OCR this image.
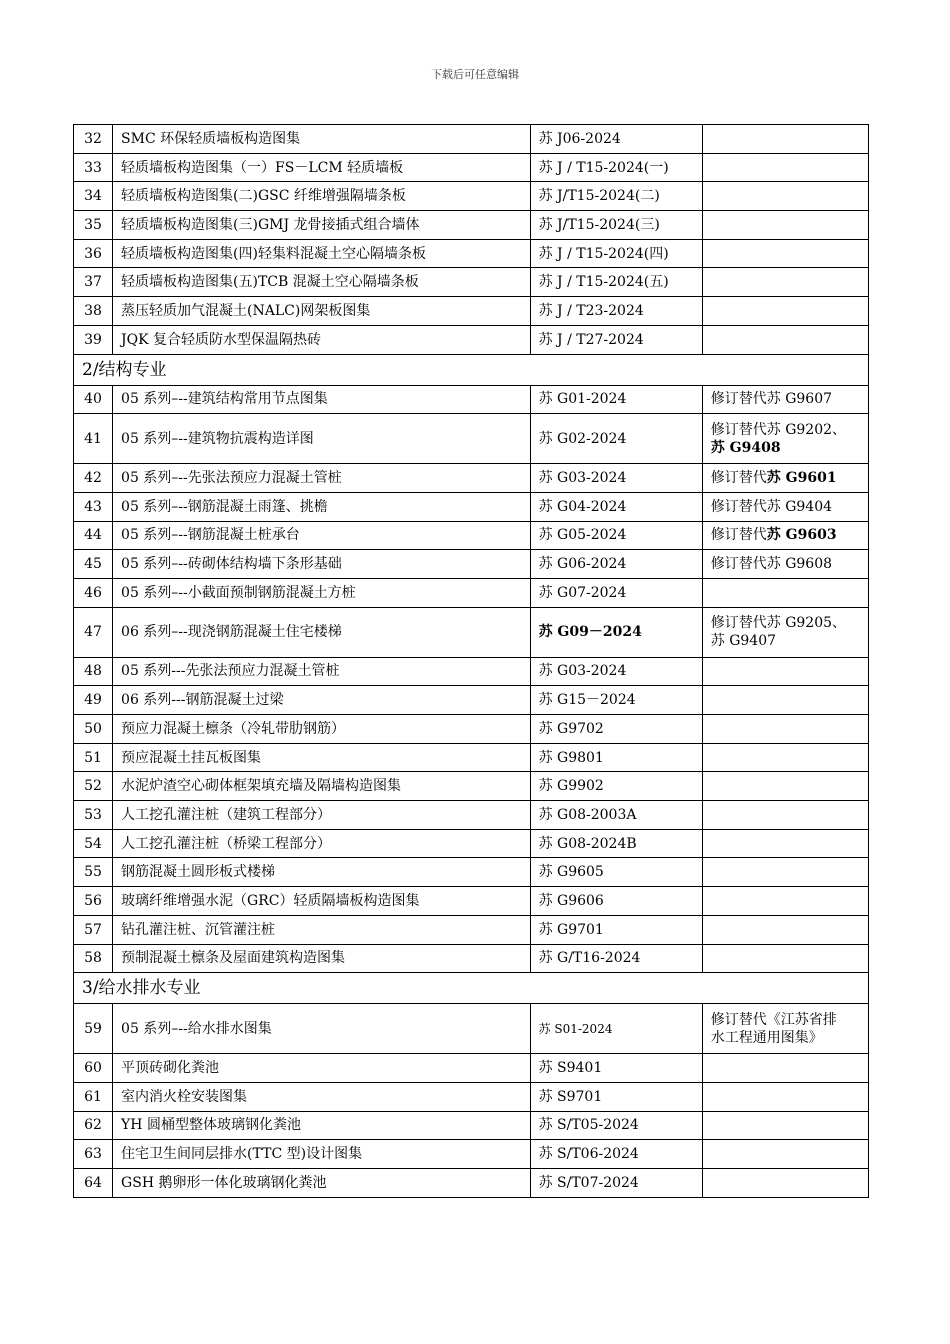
下载后可任意编辑
32	SMC 环保轻质墙板构造图集	苏 J06-2024	
33	轻质墙板构造图集（一）FS－LCM 轻质墙板	苏 J / T15-2024(一)	
34	轻质墙板构造图集(二)GSC 纤维增强隔墙条板	苏 J/T15-2024(二)	
35	轻质墙板构造图集(三)GMJ 龙骨接插式组合墙体	苏 J/T15-2024(三)	
36	轻质墙板构造图集(四)轻集料混凝土空心隔墙条板	苏 J / T15-2024(四)	
37	轻质墙板构造图集(五)TCB 混凝土空心隔墙条板	苏 J / T15-2024(五)	
38	蒸压轻质加气混凝土(NALC)网架板图集	苏 J / T23-2024	
39	JQK 复合轻质防水型保温隔热砖	苏 J / T27-2024	
2/结构专业			
40	05 系列–--建筑结构常用节点图集	苏 G01-2024	修订替代苏 G9607
41	05 系列–--建筑物抗震构造详图	苏 G02-2024	修订替代苏 G9202、
苏 G9408
42	05 系列–--先张法预应力混凝土管桩	苏 G03-2024	修订替代苏 G9601
43	05 系列–--钢筋混凝土雨篷、挑檐	苏 G04-2024	修订替代苏 G9404
44	05 系列–--钢筋混凝土桩承台	苏 G05-2024	修订替代苏 G9603
45	05 系列–--砖砌体结构墙下条形基础	苏 G06-2024	修订替代苏 G9608
46	05 系列–--小截面预制钢筋混凝土方桩	苏 G07-2024	
47	06 系列–--现浇钢筋混凝土住宅楼梯	苏 G09－2024	修订替代苏 G9205、
苏 G9407
48	05 系列---先张法预应力混凝土管桩	苏 G03-2024	
49	06 系列---钢筋混凝土过梁	苏 G15－2024	
50	预应力混凝土檩条（冷轧带肋钢筋）	苏 G9702	
51	预应混凝土挂瓦板图集	苏 G9801	
52	水泥炉渣空心砌体框架填充墙及隔墙构造图集	苏 G9902	
53	人工挖孔灌注桩（建筑工程部分）	苏 G08-2003A	
54	人工挖孔灌注桩（桥梁工程部分）	苏 G08-2024B	
55	钢筋混凝土圆形板式楼梯	苏 G9605	
56	玻璃纤维增强水泥（GRC）轻质隔墙板构造图集	苏 G9606	
57	钻孔灌注桩、沉管灌注桩	苏 G9701	
58	预制混凝土檩条及屋面建筑构造图集	苏 G/T16-2024	
3/给水排水专业			
59	05 系列–--给水排水图集	苏 S01-2024	修订替代《江苏省排
水工程通用图集》
60	平顶砖砌化粪池	苏 S9401	
61	室内消火栓安装图集	苏 S9701	
62	YH 圆桶型整体玻璃钢化粪池	苏 S/T05-2024	
63	住宅卫生间同层排水(TTC 型)设计图集	苏 S/T06-2024	
64	GSH 鹅卵形一体化玻璃钢化粪池	苏 S/T07-2024	
